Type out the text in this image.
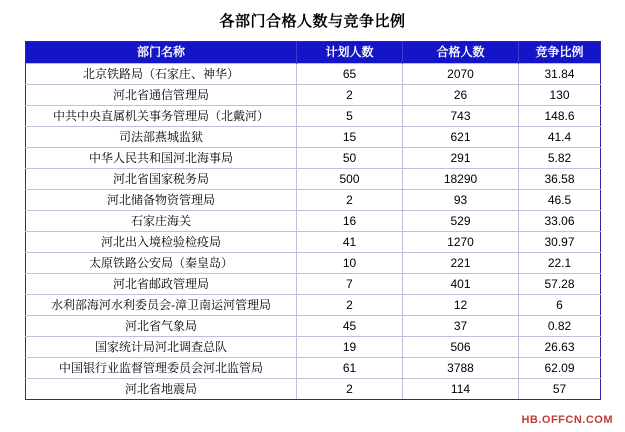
各部门合格人数与竞争比例
部门名称	计划人数	合格人数	竞争比例
北京铁路局（石家庄、神华）	65	2070	31.84
河北省通信管理局	2	26	130
中共中央直属机关事务管理局（北戴河）	5	743	148.6
司法部燕城监狱	15	621	41.4
中华人民共和国河北海事局	50	291	5.82
河北省国家税务局	500	18290	36.58
河北储备物资管理局	2	93	46.5
石家庄海关	16	529	33.06
河北出入境检验检疫局	41	1270	30.97
太原铁路公安局（秦皇岛）	10	221	22.1
河北省邮政管理局	7	401	57.28
水利部海河水利委员会-漳卫南运河管理局	2	12	6
河北省气象局	45	37	0.82
国家统计局河北调查总队	19	506	26.63
中国银行业监督管理委员会河北监管局	61	3788	62.09
河北省地震局	2	114	57
HB.OFFCN.COM
